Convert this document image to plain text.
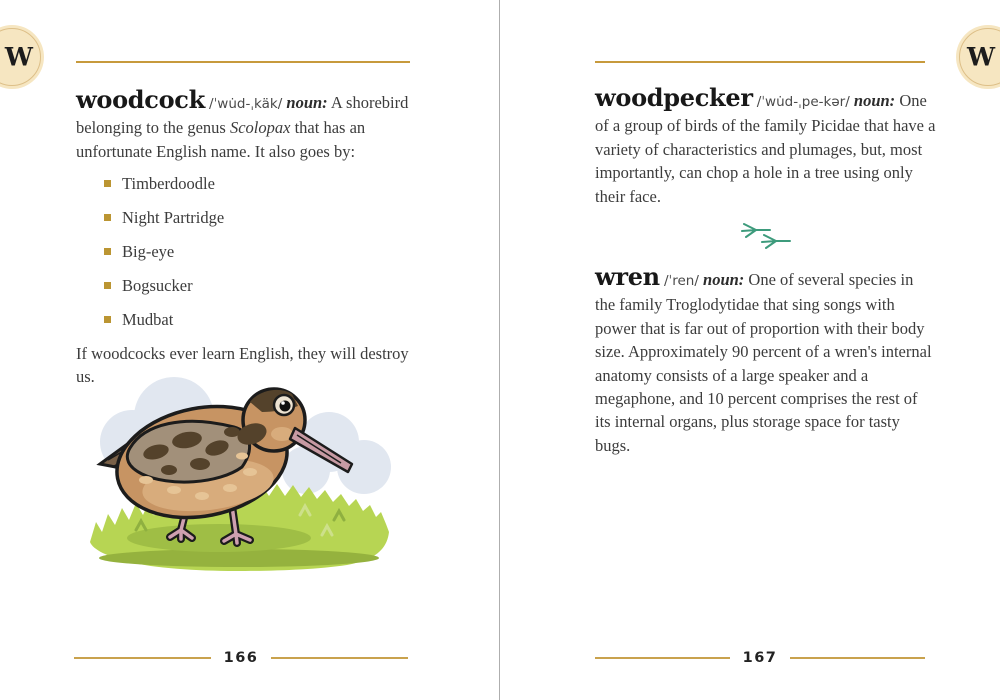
W	W

woodcock /ˈwu̇d-ˌkäk/ noun: A shorebird belonging to the genus Scolopax that has an unfortunate English name. It also goes by:

Timberdoodle
Night Partridge
Big-eye
Bogsucker
Mudbat

If woodcocks ever learn English, they will destroy us.

woodpecker /ˈwu̇d-ˌpe-kər/ noun: One of a group of birds of the family Picidae that have a variety of characteristics and plumages, but, most importantly, can chop a hole in a tree using only their face.

wren /ˈren/ noun: One of several species in the family Troglodytidae that sing songs with power that is far out of proportion with their body size. Approximately 90 percent of a wren's internal anatomy consists of a large speaker and a megaphone, and 10 percent comprises the rest of its internal organs, plus storage space for tasty bugs.

166	167
